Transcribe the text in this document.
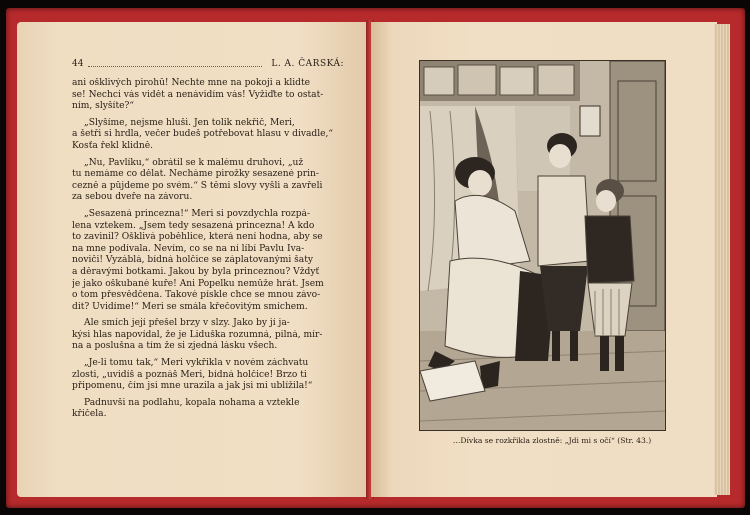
44	L. A. ČARSKÁ:
ani ošklivých pirohů! Nechte mne na pokoji a klidte
se! Nechci vás vidět a nenávidím vás! Vyžiďte to ostat-
ním, slyšíte?“
„Slyšíme, nejsme hluši. Jen tolik nekřič, Meri,
a šetři si hrdla, večer budeš potřebovat hlasu v divadle,“
Kosťa řekl klidně.
„Nu, Pavlíku,“ obrátil se k malému druhovi, „už
tu nemáme co dělat. Necháme pirožky sesazené prin-
cezně a půjdeme po svém.“ S těmi slovy vyšli a zavřeli
za sebou dveře na závoru.
„Sesazená princezna!“ Meri si povzdychla rozpá-
lena vztekem. „Jsem tedy sesazená princezna! A kdo
to zavinil? Ošklivá poběhlice, která není hodna, aby se
na mne podívala. Nevím, co se na ní líbí Pavlu Iva-
noviči! Vyzáblá, bídná holčice se záplatovanými šaty
a děravými botkami. Jakou by byla princeznou? Vždyť
je jako oškubané kuře! Ani Popelku nemůže hrát. Jsem
o tom přesvědčena. Takové pískle chce se mnou závo-
dit? Uvidíme!“ Meri se smála křečovitým smíchem.
Ale smích její přešel brzy v slzy. Jako by jí ja-
kýsi hlas napovídal, že je Liduška rozumná, pilná, mír-
na a poslušna a tím že si zjedná lásku všech.
„Je-li tomu tak,“ Meri vykřikla v novém záchvatu
zlosti, „uvidíš a poznáš Meri, bídná holčice! Brzo ti
připomenu, čím jsi mne urazila a jak jsi mi ublížila!“
Padnuvši na podlahu, kopala nohama a vztekle
křičela.
…Dívka se rozkřikla zlostně: „Jdi mi s očí“ (Str. 43.)
